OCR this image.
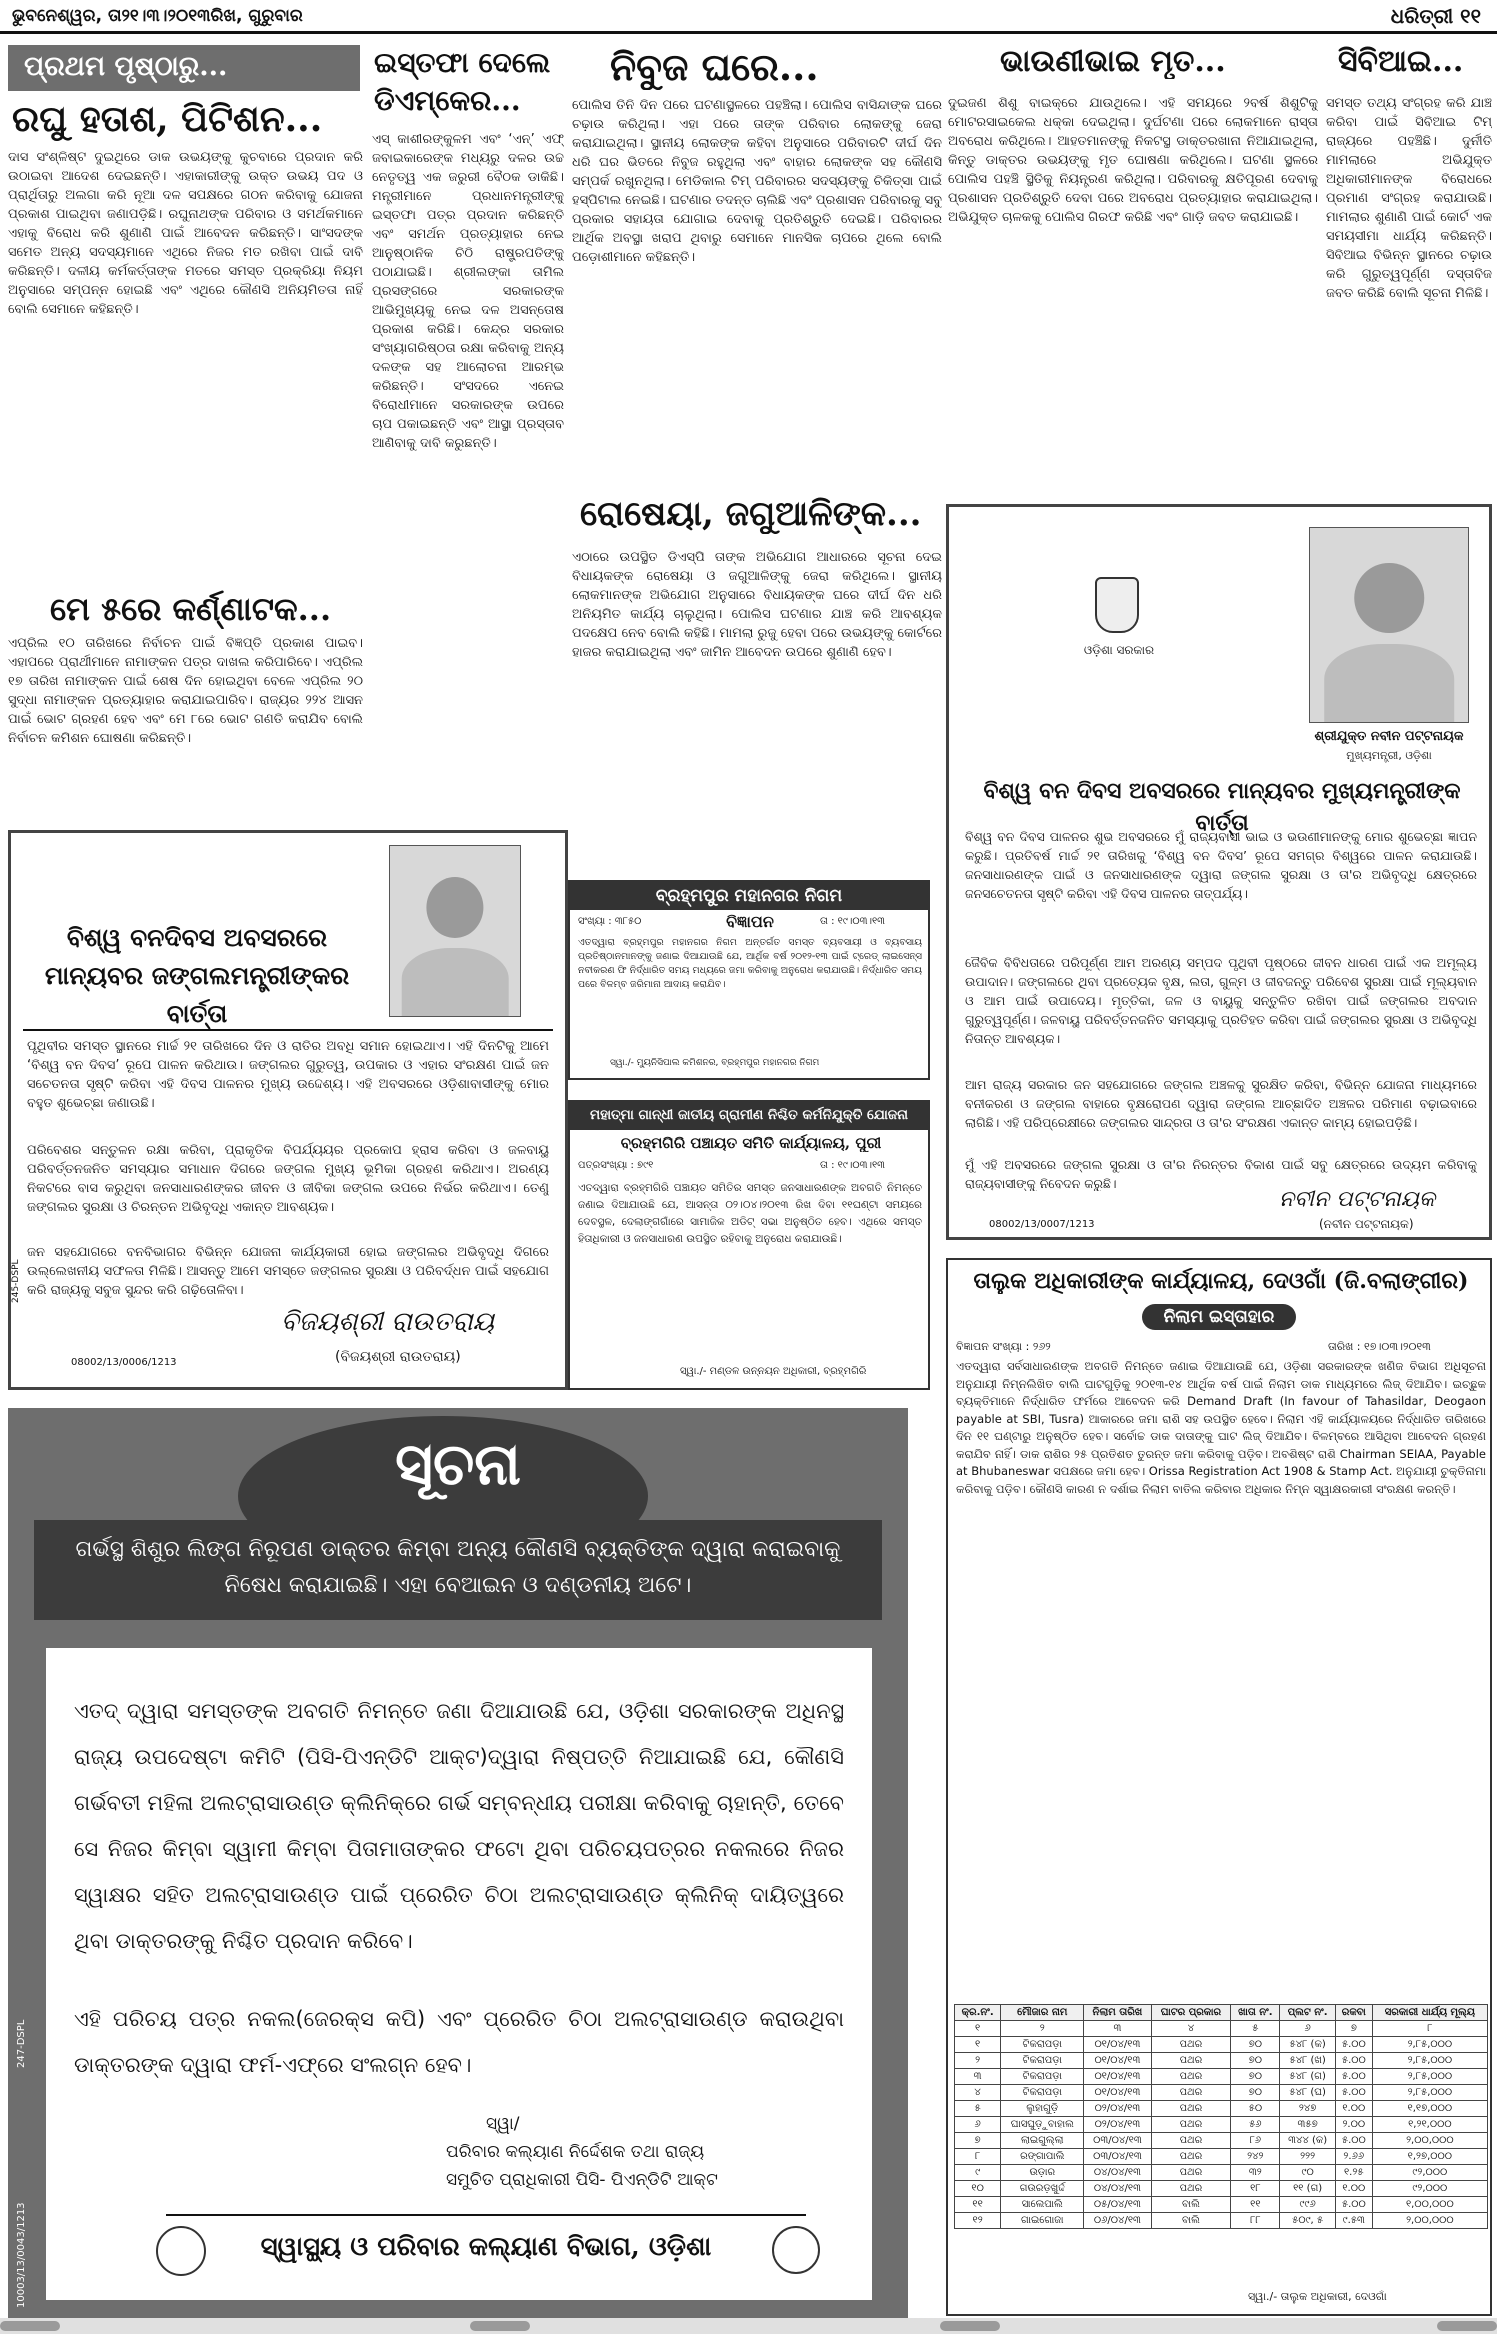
ଭୁବନେଶ୍ୱର, ତା୨୧।୩।୨୦୧୩ରିଖ, ଗୁରୁବାର	ଧରିତ୍ରୀ ୧୧
ପ୍ରଥମ ପୃଷ୍ଠାରୁ...
ରଘୁ ହତାଶ, ପିଟିଶନ...
ଦାସ ସଂଶ୍ଳିଷ୍ଟ ଦୁଇଥିରେ ଡାକ ଉଭୟଙ୍କୁ କୁଚବାରେ ପ୍ରଦାନ କରି ଉଠାଇବା ଆଦେଶ ଦେଇଛନ୍ତି। ଏହାକାରୀଙ୍କୁ ଉକ୍ତ ଉଭୟ ପଦ ଓ ପ୍ରାର୍ଥିତାରୁ ଅଲଗା କରି ନୂଆ ଦଳ ସପକ୍ଷରେ ଗଠନ କରିବାକୁ ଯୋଜନା ପ୍ରକାଶ ପାଇଥିବା ଜଣାପଡ଼ିଛି। ରଘୁନାଥଙ୍କ ପରିବାର ଓ ସମର୍ଥକମାନେ ଏହାକୁ ବିରୋଧ କରି ଶୁଣାଣି ପାଇଁ ଆବେଦନ କରିଛନ୍ତି। ସାଂସଦଙ୍କ ସମେତ ଅନ୍ୟ ସଦସ୍ୟମାନେ ଏଥିରେ ନିଜର ମତ ରଖିବା ପାଇଁ ଦାବି କରିଛନ୍ତି। ଦଳୀୟ କର୍ମକର୍ତ୍ତାଙ୍କ ମତରେ ସମସ୍ତ ପ୍ରକ୍ରିୟା ନିୟମ ଅନୁସାରେ ସମ୍ପନ୍ନ ହୋଇଛି ଏବଂ ଏଥିରେ କୌଣସି ଅନିୟମିତତା ନାହିଁ ବୋଲି ସେମାନେ କହିଛନ୍ତି।
ମେ ୫ରେ କର୍ଣ୍ଣାଟକ...
ଏପ୍ରିଲ ୧୦ ତାରିଖରେ ନିର୍ବାଚନ ପାଇଁ ବିଜ୍ଞପ୍ତି ପ୍ରକାଶ ପାଇବ। ଏହାପରେ ପ୍ରାର୍ଥୀମାନେ ନାମାଙ୍କନ ପତ୍ର ଦାଖଲ କରିପାରିବେ। ଏପ୍ରିଲ ୧୭ ତାରିଖ ନାମାଙ୍କନ ପାଇଁ ଶେଷ ଦିନ ହୋଇଥିବା ବେଳେ ଏପ୍ରିଲ ୨୦ ସୁଦ୍ଧା ନାମାଙ୍କନ ପ୍ରତ୍ୟାହାର କରାଯାଇପାରିବ। ରାଜ୍ୟର ୨୨୪ ଆସନ ପାଇଁ ଭୋଟ ଗ୍ରହଣ ହେବ ଏବଂ ମେ ୮ରେ ଭୋଟ ଗଣତି କରାଯିବ ବୋଲି ନିର୍ବାଚନ କମିଶନ ଘୋଷଣା କରିଛନ୍ତି।
ଇସ୍ତଫା ଦେଲେ ଡିଏମ୍‌କେର...
ଏସ୍ କାଶୀରଙ୍କୁଳମ ଏବଂ ‘ଏନ୍’ ଏଫ୍ ଜବାଇକାରେଙ୍କ ମଧ୍ୟରୁ ଦଳର ଉଚ୍ଚ ନେତୃତ୍ୱ ଏକ ଜରୁରୀ ବୈଠକ ଡାକିଛି। ମନ୍ତ୍ରୀମାନେ ପ୍ରଧାନମନ୍ତ୍ରୀଙ୍କୁ ଇସ୍ତଫା ପତ୍ର ପ୍ରଦାନ କରିଛନ୍ତି ଏବଂ ସମର୍ଥନ ପ୍ରତ୍ୟାହାର ନେଇ ଆନୁଷ୍ଠାନିକ ଚିଠି ରାଷ୍ଟ୍ରପତିଙ୍କୁ ପଠାଯାଇଛି। ଶ୍ରୀଲଙ୍କା ତାମିଲ ପ୍ରସଙ୍ଗରେ ସରକାରଙ୍କ ଆଭିମୁଖ୍ୟକୁ ନେଇ ଦଳ ଅସନ୍ତୋଷ ପ୍ରକାଶ କରିଛି। କେନ୍ଦ୍ର ସରକାର ସଂଖ୍ୟାଗରିଷ୍ଠତା ରକ୍ଷା କରିବାକୁ ଅନ୍ୟ ଦଳଙ୍କ ସହ ଆଲୋଚନା ଆରମ୍ଭ କରିଛନ୍ତି। ସଂସଦରେ ଏନେଇ ବିରୋଧୀମାନେ ସରକାରଙ୍କ ଉପରେ ଚାପ ପକାଇଛନ୍ତି ଏବଂ ଆସ୍ଥା ପ୍ରସ୍ତାବ ଆଣିବାକୁ ଦାବି କରୁଛନ୍ତି।
ନିବୁଜ ଘରେ...
ପୋଲିସ ତିନି ଦିନ ପରେ ଘଟଣାସ୍ଥଳରେ ପହଞ୍ଚିଲା। ପୋଲିସ ବାସିନ୍ଦାଙ୍କ ଘରେ ଚଢ଼ାଉ କରିଥିଲା। ଏହା ପରେ ତାଙ୍କ ପରିବାର ଲୋକଙ୍କୁ ଜେରା କରାଯାଇଥିଲା। ସ୍ଥାନୀୟ ଲୋକଙ୍କ କହିବା ଅନୁସାରେ ପରିବାରଟି ଦୀର୍ଘ ଦିନ ଧରି ଘର ଭିତରେ ନିବୁଜ ରହୁଥିଲା ଏବଂ ବାହାର ଲୋକଙ୍କ ସହ କୌଣସି ସମ୍ପର୍କ ରଖୁନଥିଲା। ମେଡିକାଲ ଟିମ୍ ପରିବାରର ସଦସ୍ୟଙ୍କୁ ଚିକିତ୍ସା ପାଇଁ ହସ୍ପିଟାଲ ନେଇଛି। ଘଟଣାର ତଦନ୍ତ ଚାଲିଛି ଏବଂ ପ୍ରଶାସନ ପରିବାରକୁ ସବୁ ପ୍ରକାର ସହାୟତା ଯୋଗାଇ ଦେବାକୁ ପ୍ରତିଶ୍ରୁତି ଦେଇଛି। ପରିବାରର ଆର୍ଥିକ ଅବସ୍ଥା ଖରାପ ଥିବାରୁ ସେମାନେ ମାନସିକ ଚାପରେ ଥିଲେ ବୋଲି ପଡ଼ୋଶୀମାନେ କହିଛନ୍ତି।
ରୋଷେୟା, ଜଗୁଆଳିଙ୍କ...
ଏଠାରେ ଉପସ୍ଥିତ ଡିଏସ୍ପି ତାଙ୍କ ଅଭିଯୋଗ ଆଧାରରେ ସୂଚନା ଦେଇ ବିଧାୟକଙ୍କ ରୋଷେୟା ଓ ଜଗୁଆଳିଙ୍କୁ ଜେରା କରିଥିଲେ। ସ୍ଥାନୀୟ ଲୋକମାନଙ୍କ ଅଭିଯୋଗ ଅନୁସାରେ ବିଧାୟକଙ୍କ ଘରେ ଦୀର୍ଘ ଦିନ ଧରି ଅନିୟମିତ କାର୍ଯ୍ୟ ଚାଲୁଥିଲା। ପୋଲିସ ଘଟଣାର ଯାଞ୍ଚ କରି ଆବଶ୍ୟକ ପଦକ୍ଷେପ ନେବ ବୋଲି କହିଛି। ମାମଲା ରୁଜୁ ହେବା ପରେ ଉଭୟଙ୍କୁ କୋର୍ଟରେ ହାଜର କରାଯାଇଥିଲା ଏବଂ ଜାମିନ ଆବେଦନ ଉପରେ ଶୁଣାଣି ହେବ।
ଭାଉଣୀଭାଇ ମୃତ...
ଦୁଇଜଣ ଶିଶୁ ବାଇକ୍‌ରେ ଯାଉଥିଲେ। ଏହି ସମୟରେ ୨ବର୍ଷ ଶିଶୁଟିକୁ ମୋଟରସାଇକେଲ ଧକ୍କା ଦେଇଥିଲା। ଦୁର୍ଘଟଣା ପରେ ଲୋକମାନେ ରାସ୍ତା ଅବରୋଧ କରିଥିଲେ। ଆହତମାନଙ୍କୁ ନିକଟସ୍ଥ ଡାକ୍ତରଖାନା ନିଆଯାଇଥିଲା, କିନ୍ତୁ ଡାକ୍ତର ଉଭୟଙ୍କୁ ମୃତ ଘୋଷଣା କରିଥିଲେ। ଘଟଣା ସ୍ଥଳରେ ପୋଲିସ ପହଞ୍ଚି ସ୍ଥିତିକୁ ନିୟନ୍ତ୍ରଣ କରିଥିଲା। ପରିବାରକୁ କ୍ଷତିପୂରଣ ଦେବାକୁ ପ୍ରଶାସନ ପ୍ରତିଶ୍ରୁତି ଦେବା ପରେ ଅବରୋଧ ପ୍ରତ୍ୟାହାର କରାଯାଇଥିଲା। ଅଭିଯୁକ୍ତ ଚାଳକକୁ ପୋଲିସ ଗିରଫ କରିଛି ଏବଂ ଗାଡ଼ି ଜବତ କରାଯାଇଛି।
ସିବିଆଇ...
ସମସ୍ତ ତଥ୍ୟ ସଂଗ୍ରହ କରି ଯାଞ୍ଚ କରିବା ପାଇଁ ସିବିଆଇ ଟିମ୍ ରାଜ୍ୟରେ ପହଞ୍ଚିଛି। ଦୁର୍ନୀତି ମାମଲାରେ ଅଭିଯୁକ୍ତ ଅଧିକାରୀମାନଙ୍କ ବିରୋଧରେ ପ୍ରମାଣ ସଂଗ୍ରହ କରାଯାଉଛି। ମାମଲାର ଶୁଣାଣି ପାଇଁ କୋର୍ଟ ଏକ ସମୟସୀମା ଧାର୍ଯ୍ୟ କରିଛନ୍ତି। ସିବିଆଇ ବିଭିନ୍ନ ସ୍ଥାନରେ ଚଢ଼ାଉ କରି ଗୁରୁତ୍ୱପୂର୍ଣ୍ଣ ଦସ୍ତାବିଜ ଜବତ କରିଛି ବୋଲି ସୂଚନା ମିଳିଛି।
ବିଶ୍ୱ ବନଦିବସ ଅବସରରେ ମାନ୍ୟବର ଜଙ୍ଗଲମନ୍ତ୍ରୀଙ୍କର ବାର୍ତ୍ତା
ପୃଥିବୀର ସମସ୍ତ ସ୍ଥାନରେ ମାର୍ଚ୍ଚ ୨୧ ତାରିଖରେ ଦିନ ଓ ରାତିର ଅବଧି ସମାନ ହୋଇଥାଏ। ଏହି ଦିନଟିକୁ ଆମେ ‘ବିଶ୍ୱ ବନ ଦିବସ’ ରୂପେ ପାଳନ କରିଥାଉ। ଜଙ୍ଗଲର ଗୁରୁତ୍ୱ, ଉପକାର ଓ ଏହାର ସଂରକ୍ଷଣ ପାଇଁ ଜନ ସଚେତନତା ସୃଷ୍ଟି କରିବା ଏହି ଦିବସ ପାଳନର ମୁଖ୍ୟ ଉଦ୍ଦେଶ୍ୟ। ଏହି ଅବସରରେ ଓଡ଼ିଶାବାସୀଙ୍କୁ ମୋର ବହୁତ ଶୁଭେଚ୍ଛା ଜଣାଉଛି।
ପରିବେଶର ସନ୍ତୁଳନ ରକ୍ଷା କରିବା, ପ୍ରାକୃତିକ ବିପର୍ଯ୍ୟୟର ପ୍ରକୋପ ହ୍ରାସ କରିବା ଓ ଜଳବାୟୁ ପରିବର୍ତ୍ତନଜନିତ ସମସ୍ୟାର ସମାଧାନ ଦିଗରେ ଜଙ୍ଗଲ ମୁଖ୍ୟ ଭୂମିକା ଗ୍ରହଣ କରିଥାଏ। ଅରଣ୍ୟ ନିକଟରେ ବାସ କରୁଥିବା ଜନସାଧାରଣଙ୍କର ଜୀବନ ଓ ଜୀବିକା ଜଙ୍ଗଲ ଉପରେ ନିର୍ଭର କରିଥାଏ। ତେଣୁ ଜଙ୍ଗଲର ସୁରକ୍ଷା ଓ ଚିରନ୍ତନ ଅଭିବୃଦ୍ଧି ଏକାନ୍ତ ଆବଶ୍ୟକ।
ଜନ ସହଯୋଗରେ ବନବିଭାଗର ବିଭିନ୍ନ ଯୋଜନା କାର୍ଯ୍ୟକାରୀ ହୋଇ ଜଙ୍ଗଲର ଅଭିବୃଦ୍ଧି ଦିଗରେ ଉଲ୍ଲେଖନୀୟ ସଫଳତା ମିଳିଛି। ଆସନ୍ତୁ ଆମେ ସମସ୍ତେ ଜଙ୍ଗଲର ସୁରକ୍ଷା ଓ ପରିବର୍ଦ୍ଧନ ପାଇଁ ସହଯୋଗ କରି ରାଜ୍ୟକୁ ସବୁଜ ସୁନ୍ଦର କରି ଗଢ଼ିତୋଳିବା।
ବିଜୟଶ୍ରୀ ରାଉତରାୟ
(ବିଜୟଶ୍ରୀ ରାଉତରାୟ)
08002/13/0006/1213
245-DSPL
ବ୍ରହ୍ମପୁର ମହାନଗର ନିଗମ
ସଂଖ୍ୟା : ୩୮୫୦	ବିଜ୍ଞାପନ	ତା : ୧୯।୦୩।୧୩
ଏତଦ୍ୱାରା ବ୍ରହ୍ମପୁର ମହାନଗର ନିଗମ ଅନ୍ତର୍ଗତ ସମସ୍ତ ବ୍ୟବସାୟୀ ଓ ବ୍ୟବସାୟ ପ୍ରତିଷ୍ଠାନମାନଙ୍କୁ ଜଣାଇ ଦିଆଯାଉଛି ଯେ, ଆର୍ଥିକ ବର୍ଷ ୨୦୧୨-୧୩ ପାଇଁ ଟ୍ରେଡ୍ ଲାଇସେନ୍ସ ନବୀକରଣ ଫି ନିର୍ଦ୍ଧାରିତ ସମୟ ମଧ୍ୟରେ ଜମା କରିବାକୁ ଅନୁରୋଧ କରାଯାଉଛି। ନିର୍ଦ୍ଧାରିତ ସମୟ ପରେ ବିଳମ୍ବ ଜରିମାନା ଆଦାୟ କରାଯିବ।
ସ୍ୱା./- ମ୍ୟୁନିସିପାଲ କମିଶନର, ବ୍ରହ୍ମପୁର ମହାନଗର ନିଗମ
ମହାତ୍ମା ଗାନ୍ଧୀ ଜାତୀୟ ଗ୍ରାମୀଣ ନିଶ୍ଚିତ କର୍ମନିଯୁକ୍ତି ଯୋଜନା
ବ୍ରହ୍ମଗିରି ପଞ୍ଚାୟତ ସମିତି କାର୍ଯ୍ୟାଳୟ, ପୁରୀ
ପତ୍ରସଂଖ୍ୟା : ୭୯୧	ତା : ୧୯।୦୩।୧୩
ଏତଦ୍ୱାରା ବ୍ରହ୍ମଗିରି ପଞ୍ଚାୟତ ସମିତିର ସମସ୍ତ ଜନସାଧାରଣଙ୍କ ଅବଗତି ନିମନ୍ତେ ଜଣାଇ ଦିଆଯାଉଛି ଯେ, ଆସନ୍ତା ୦୨।୦୪।୨୦୧୩ ରିଖ ଦିବା ୧୧ଘଣ୍ଟା ସମୟରେ ଦେବସ୍ଥଳ, ଦେଲାଙ୍ଗଗାଁରେ ସାମାଜିକ ଅଡିଟ୍ ସଭା ଅନୁଷ୍ଠିତ ହେବ। ଏଥିରେ ସମସ୍ତ ହିତାଧିକାରୀ ଓ ଜନସାଧାରଣ ଉପସ୍ଥିତ ରହିବାକୁ ଅନୁରୋଧ କରାଯାଉଛି।
ସ୍ୱା./- ମଣ୍ଡଳ ଉନ୍ନୟନ ଅଧିକାରୀ, ବ୍ରହ୍ମଗିରି
ଓଡ଼ିଶା ସରକାର
ଶ୍ରୀଯୁକ୍ତ ନବୀନ ପଟ୍ଟନାୟକ
ମୁଖ୍ୟମନ୍ତ୍ରୀ, ଓଡ଼ିଶା
ବିଶ୍ୱ ବନ ଦିବସ ଅବସରରେ ମାନ୍ୟବର ମୁଖ୍ୟମନ୍ତ୍ରୀଙ୍କ ବାର୍ତ୍ତା
ବିଶ୍ୱ ବନ ଦିବସ ପାଳନର ଶୁଭ ଅବସରରେ ମୁଁ ରାଜ୍ୟବାସୀ ଭାଇ ଓ ଭଉଣୀମାନଙ୍କୁ ମୋର ଶୁଭେଚ୍ଛା ଜ୍ଞାପନ କରୁଛି। ପ୍ରତିବର୍ଷ ମାର୍ଚ୍ଚ ୨୧ ତାରିଖକୁ ‘ବିଶ୍ୱ ବନ ଦିବସ’ ରୂପେ ସମଗ୍ର ବିଶ୍ୱରେ ପାଳନ କରାଯାଉଛି। ଜନସାଧାରଣଙ୍କ ପାଇଁ ଓ ଜନସାଧାରଣଙ୍କ ଦ୍ୱାରା ଜଙ୍ଗଲ ସୁରକ୍ଷା ଓ ତା'ର ଅଭିବୃଦ୍ଧି କ୍ଷେତ୍ରରେ ଜନସଚେତନତା ସୃଷ୍ଟି କରିବା ଏହି ଦିବସ ପାଳନର ତାତ୍ପର୍ଯ୍ୟ।
ଜୈବିକ ବିବିଧତାରେ ପରିପୂର୍ଣ୍ଣ ଆମ ଅରଣ୍ୟ ସମ୍ପଦ ପୃଥିବୀ ପୃଷ୍ଠରେ ଜୀବନ ଧାରଣ ପାଇଁ ଏକ ଅମୂଲ୍ୟ ଉପାଦାନ। ଜଙ୍ଗଲରେ ଥିବା ପ୍ରତ୍ୟେକ ବୃକ୍ଷ, ଲତା, ଗୁଳ୍ମ ଓ ଜୀବଜନ୍ତୁ ପରିବେଶ ସୁରକ୍ଷା ପାଇଁ ମୂଲ୍ୟବାନ ଓ ଆମ ପାଇଁ ଉପାଦେୟ। ମୃତ୍ତିକା, ଜଳ ଓ ବାୟୁକୁ ସନ୍ତୁଳିତ ରଖିବା ପାଇଁ ଜଙ୍ଗଲର ଅବଦାନ ଗୁରୁତ୍ୱପୂର୍ଣ୍ଣ। ଜଳବାୟୁ ପରିବର୍ତ୍ତନଜନିତ ସମସ୍ୟାକୁ ପ୍ରତିହତ କରିବା ପାଇଁ ଜଙ୍ଗଲର ସୁରକ୍ଷା ଓ ଅଭିବୃଦ୍ଧି ନିତାନ୍ତ ଆବଶ୍ୟକ।
ଆମ ରାଜ୍ୟ ସରକାର ଜନ ସହଯୋଗରେ ଜଙ୍ଗଲ ଅଞ୍ଚଳକୁ ସୁରକ୍ଷିତ କରିବା, ବିଭିନ୍ନ ଯୋଜନା ମାଧ୍ୟମରେ ବନୀକରଣ ଓ ଜଙ୍ଗଲ ବାହାରେ ବୃକ୍ଷରୋପଣ ଦ୍ୱାରା ଜଙ୍ଗଲ ଆଚ୍ଛାଦିତ ଅଞ୍ଚଳର ପରିମାଣ ବଢ଼ାଇବାରେ ଲାଗିଛି। ଏହି ପରିପ୍ରେକ୍ଷୀରେ ଜଙ୍ଗଲର ସାନ୍ଦ୍ରତା ଓ ତା'ର ସଂରକ୍ଷଣ ଏକାନ୍ତ କାମ୍ୟ ହୋଇପଡ଼ିଛି।
ମୁଁ ଏହି ଅବସରରେ ଜଙ୍ଗଲ ସୁରକ୍ଷା ଓ ତା'ର ନିରନ୍ତର ବିକାଶ ପାଇଁ ସବୁ କ୍ଷେତ୍ରରେ ଉଦ୍ୟମ କରିବାକୁ ରାଜ୍ୟବାସୀଙ୍କୁ ନିବେଦନ କରୁଛି।
ନବୀନ ପଟ୍ଟନାୟକ
(ନବୀନ ପଟ୍ଟନାୟକ)
08002/13/0007/1213
ସୂଚନା
ଗର୍ଭସ୍ଥ ଶିଶୁର ଲିଙ୍ଗ ନିରୂପଣ ଡାକ୍ତର କିମ୍ବା ଅନ୍ୟ କୌଣସି ବ୍ୟକ୍ତିଙ୍କ ଦ୍ୱାରା କରାଇବାକୁ ନିଷେଧ କରାଯାଇଛି। ଏହା ବେଆଇନ ଓ ଦଣ୍ଡନୀୟ ଅଟେ।
ଏତଦ୍ ଦ୍ୱାରା ସମସ୍ତଙ୍କ ଅବଗତି ନିମନ୍ତେ ଜଣା ଦିଆଯାଉଛି ଯେ, ଓଡ଼ିଶା ସରକାରଙ୍କ ଅଧିନସ୍ଥ ରାଜ୍ୟ ଉପଦେଷ୍ଟା କମିଟି (ପିସି-ପିଏନ୍‌ଡିଟି ଆକ୍ଟ)ଦ୍ୱାରା ନିଷ୍ପତ୍ତି ନିଆଯାଇଛି ଯେ, କୌଣସି ଗର୍ଭବତୀ ମହିଳା ଅଲଟ୍ରାସାଉଣ୍ଡ କ୍ଲିନିକ୍‌ରେ ଗର୍ଭ ସମ୍ବନ୍ଧୀୟ ପରୀକ୍ଷା କରିବାକୁ ଚାହାନ୍ତି, ତେବେ ସେ ନିଜର କିମ୍ବା ସ୍ୱାମୀ କିମ୍ବା ପିତାମାତାଙ୍କର ଫଟୋ ଥିବା ପରିଚୟପତ୍ରର ନକଲରେ ନିଜର ସ୍ୱାକ୍ଷର ସହିତ ଅଲଟ୍ରାସାଉଣ୍ଡ ପାଇଁ ପ୍ରେରିତ ଚିଠା ଅଲଟ୍ରାସାଉଣ୍ଡ କ୍ଲିନିକ୍ ଦାୟିତ୍ୱରେ ଥିବା ଡାକ୍ତରଙ୍କୁ ନିଶ୍ଚିତ ପ୍ରଦାନ କରିବେ।
ଏହି ପରିଚୟ ପତ୍ର ନକଲ(ଜେରକ୍ସ କପି) ଏବଂ ପ୍ରେରିତ ଚିଠା ଅଲଟ୍ରାସାଉଣ୍ଡ କରାଉଥିବା ଡାକ୍ତରଙ୍କ ଦ୍ୱାରା ଫର୍ମ-ଏଫ୍‌ରେ ସଂଲଗ୍ନ ହେବ।
ସ୍ୱା/
ପରିବାର କଲ୍ୟାଣ ନିର୍ଦ୍ଦେଶକ ତଥା ରାଜ୍ୟ
ସମୁଚିତ ପ୍ରାଧିକାରୀ ପିସି- ପିଏନ୍‌ଡିଟି ଆକ୍ଟ
ସ୍ୱାସ୍ଥ୍ୟ ଓ ପରିବାର କଲ୍ୟାଣ ବିଭାଗ, ଓଡ଼ିଶା
247-DSPL
10003/13/0043/1213
ତାଲୁକ ଅଧିକାରୀଙ୍କ କାର୍ଯ୍ୟାଳୟ, ଦେଓଗାଁ (ଜି.ବଲାଙ୍ଗୀର)
ନିଲାମ ଇସ୍ତାହାର
ବିଜ୍ଞାପନ ସଂଖ୍ୟା : ୨୬୨	ତାରିଖ : ୧୭।୦୩।୨୦୧୩
ଏତଦ୍ୱାରା ସର୍ବସାଧାରଣଙ୍କ ଅବଗତି ନିମନ୍ତେ ଜଣାଇ ଦିଆଯାଉଛି ଯେ, ଓଡ଼ିଶା ସରକାରଙ୍କ ଖଣିଜ ବିଭାଗ ଅଧିସୂଚନା ଅନୁଯାୟୀ ନିମ୍ନଲିଖିତ ବାଲି ଘାଟଗୁଡ଼ିକୁ ୨୦୧୩-୧୪ ଆର୍ଥିକ ବର୍ଷ ପାଇଁ ନିଲାମ ଡାକ ମାଧ୍ୟମରେ ଲିଜ୍ ଦିଆଯିବ। ଇଚ୍ଛୁକ ବ୍ୟକ୍ତିମାନେ ନିର୍ଦ୍ଧାରିତ ଫର୍ମରେ ଆବେଦନ କରି Demand Draft (In favour of Tahasildar, Deogaon payable at SBI, Tusra) ଆକାରରେ ଜମା ରାଶି ସହ ଉପସ୍ଥିତ ହେବେ। ନିଲାମ ଏହି କାର୍ଯ୍ୟାଳୟରେ ନିର୍ଦ୍ଧାରିତ ତାରିଖରେ ଦିନ ୧୧ ଘଣ୍ଟାରୁ ଅନୁଷ୍ଠିତ ହେବ। ସର୍ବୋଚ୍ଚ ଡାକ ଦାତାଙ୍କୁ ଘାଟ ଲିଜ୍ ଦିଆଯିବ। ବିଳମ୍ବରେ ଆସିଥିବା ଆବେଦନ ଗ୍ରହଣ କରାଯିବ ନାହିଁ। ଡାକ ରାଶିର ୨୫ ପ୍ରତିଶତ ତୁରନ୍ତ ଜମା କରିବାକୁ ପଡ଼ିବ। ଅବଶିଷ୍ଟ ରାଶି Chairman SEIAA, Payable at Bhubaneswar ସପକ୍ଷରେ ଜମା ହେବ। Orissa Registration Act 1908 & Stamp Act. ଅନୁଯାୟୀ ଚୁକ୍ତିନାମା କରିବାକୁ ପଡ଼ିବ। କୌଣସି କାରଣ ନ ଦର୍ଶାଇ ନିଲାମ ବାତିଲ କରିବାର ଅଧିକାର ନିମ୍ନ ସ୍ୱାକ୍ଷରକାରୀ ସଂରକ୍ଷଣ କରନ୍ତି।
କ୍ର.ନଂ.	ମୌଜାର ନାମ	ନିଲାମ ତାରିଖ	ଘାଟର ପ୍ରକାର	ଖାତା ନଂ.	ପ୍ଲଟ ନଂ.	ରକବା	ସରକାରୀ ଧାର୍ଯ୍ୟ ମୂଲ୍ୟ
୧	୨	୩	୪	୫	୬	୭	୮
୧	ଟିକରାପଡ଼ା	୦୧/୦୪/୧୩	ପଥର	୭୦	୫୪୮ (କ)	୫.୦୦	୨,୮୫,୦୦୦
୨	ଟିକରାପଡ଼ା	୦୧/୦୪/୧୩	ପଥର	୭୦	୫୪୮ (ଖ)	୫.୦୦	୨,୮୫,୦୦୦
୩	ଟିକରାପଡ଼ା	୦୧/୦୪/୧୩	ପଥର	୭୦	୫୪୮ (ଗ)	୫.୦୦	୨,୮୫,୦୦୦
୪	ଟିକରାପଡ଼ା	୦୧/୦୪/୧୩	ପଥର	୭୦	୫୪୮ (ଘ)	୫.୦୦	୨,୮୫,୦୦୦
୫	ଲୁହାଗୁଡ଼ି	୦୨/୦୪/୧୩	ପଥର	୫୦	୨୪୭	୧.୦୦	୧,୧୭,୦୦୦
୬	ଘାସଘୁଡ଼ୁବାହାଲ	୦୨/୦୪/୧୩	ପଥର	୫୬	୩୫୭	୨.୦୦	୧,୨୧,୦୦୦
୭	ଲାଇଗୁଲ୍ଲା	୦୩/୦୪/୧୩	ପଥର	୮୬	୩୪୪ (କ)	୫.୦୦	୨,୦୦,୦୦୦
୮	ରଙ୍ଗାପାଲି	୦୩/୦୪/୧୩	ପଥର	୨୪୨	୨୨୨	୨.୬୬	୧,୨୭,୦୦୦
୯	ଉଡ଼ାର	୦୪/୦୪/୧୩	ପଥର	୩୨	୯୦	୧.୨୫	୯୨,୦୦୦
୧୦	ଗଉରଡ଼ଖୁର୍ଦ୍ଦ	୦୪/୦୪/୧୩	ପଥର	୧୮	୧୧ (ଗ)	୧.୦୦	୯୨,୦୦୦
୧୧	ସାଲେପାଲି	୦୫/୦୪/୧୩	ବାଲି	୧୧	୯୯୬	୫.୦୦	୧,୦୦,୦୦୦
୧୨	ଗାଇଗୋଜା	୦୬/୦୪/୧୩	ବାଲି	୮୮	୫୦୯, ୫	୯.୫୩	୨,୦୦,୦୦୦
ସ୍ୱା./- ତାଲୁକ ଅଧିକାରୀ, ଦେଓଗାଁ
